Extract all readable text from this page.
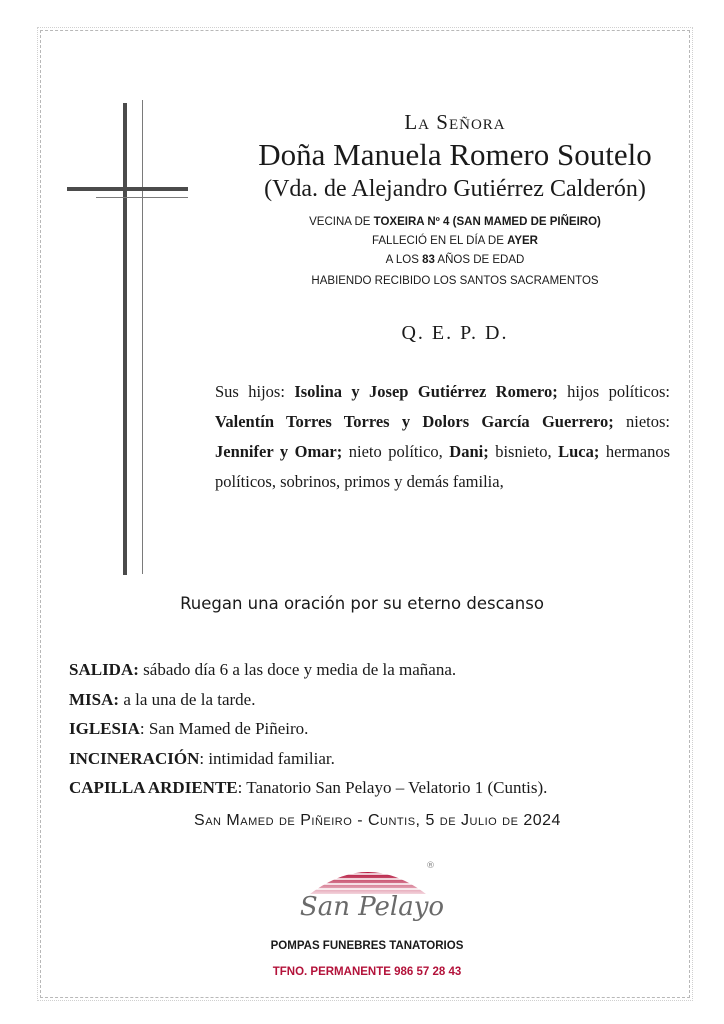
La Señora
Doña Manuela Romero Soutelo
(Vda. de Alejandro Gutiérrez Calderón)
VECINA DE TOXEIRA Nº 4 (SAN MAMED DE PIÑEIRO)
FALLECIÓ EN EL DÍA DE AYER
A LOS 83 AÑOS DE EDAD
HABIENDO RECIBIDO LOS SANTOS SACRAMENTOS
Q. E. P. D.
Sus hijos: Isolina y Josep Gutiérrez Romero; hijos políticos: Valentín Torres Torres y Dolors García Guerrero; nietos: Jennifer y Omar; nieto político, Dani; bisnieto, Luca; hermanos políticos, sobrinos, primos y demás familia,
Ruegan una oración por su eterno descanso
SALIDA: sábado día 6 a las doce y media de la mañana.
MISA: a la una de la tarde.
IGLESIA: San Mamed de Piñeiro.
INCINERACIÓN: intimidad familiar.
CAPILLA ARDIENTE: Tanatorio San Pelayo – Velatorio 1 (Cuntis).
San Mamed de Piñeiro - Cuntis, 5 de Julio de 2024
®
San Pelayo
POMPAS FUNEBRES TANATORIOS
TFNO. PERMANENTE 986 57 28 43
